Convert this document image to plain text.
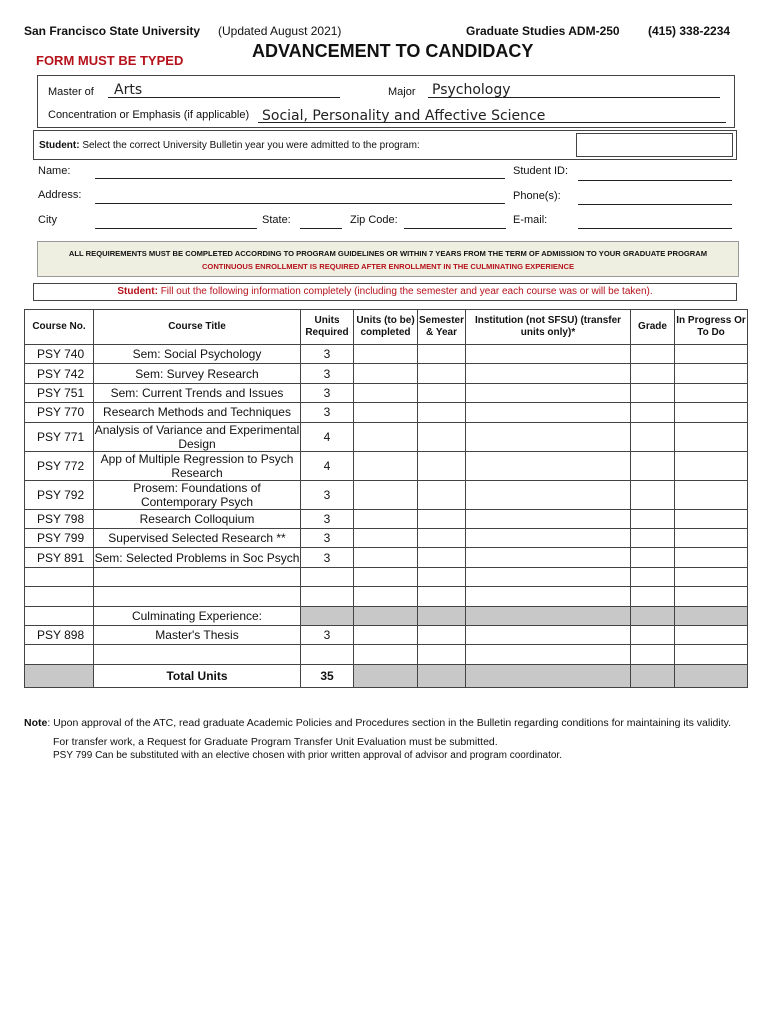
San Francisco State University (Updated August 2021)	Graduate Studies ADM-250 (415) 338-2234
FORM MUST BE TYPED	ADVANCEMENT TO CANDIDACY
Master of Arts	Major Psychology
Concentration or Emphasis (if applicable) Social, Personality and Affective Science
Student: Select the correct University Bulletin year you were admitted to the program:
Name:	Student ID:
Address:	Phone(s):
City	State:	Zip Code:	E-mail:
ALL REQUIREMENTS MUST BE COMPLETED ACCORDING TO PROGRAM GUIDELINES OR WITHIN 7 YEARS FROM THE TERM OF ADMISSION TO YOUR GRADUATE PROGRAM
CONTINUOUS ENROLLMENT IS REQUIRED AFTER ENROLLMENT IN THE CULMINATING EXPERIENCE
Student: Fill out the following information completely (including the semester and year each course was or will be taken).
Course No.	Course Title	Units Required	Units (to be) completed	Semester & Year	Institution (not SFSU) (transfer units only)*	Grade	In Progress Or To Do
PSY 740	Sem: Social Psychology	3					
PSY 742	Sem: Survey Research	3					
PSY 751	Sem: Current Trends and Issues	3					
PSY 770	Research Methods and Techniques	3					
PSY 771	Analysis of Variance and Experimental Design	4					
PSY 772	App of Multiple Regression to Psych Research	4					
PSY 792	Prosem: Foundations of Contemporary Psych	3					
PSY 798	Research Colloquium	3					
PSY 799	Supervised Selected Research **	3					
PSY 891	Sem: Selected Problems in Soc Psych	3					

	Culminating Experience:						
PSY 898	Master's Thesis	3					

	Total Units	35					
Note: Upon approval of the ATC, read graduate Academic Policies and Procedures section in the Bulletin regarding conditions for maintaining its validity.
For transfer work, a Request for Graduate Program Transfer Unit Evaluation must be submitted.
PSY 799 Can be substituted with an elective chosen with prior written approval of advisor and program coordinator.
